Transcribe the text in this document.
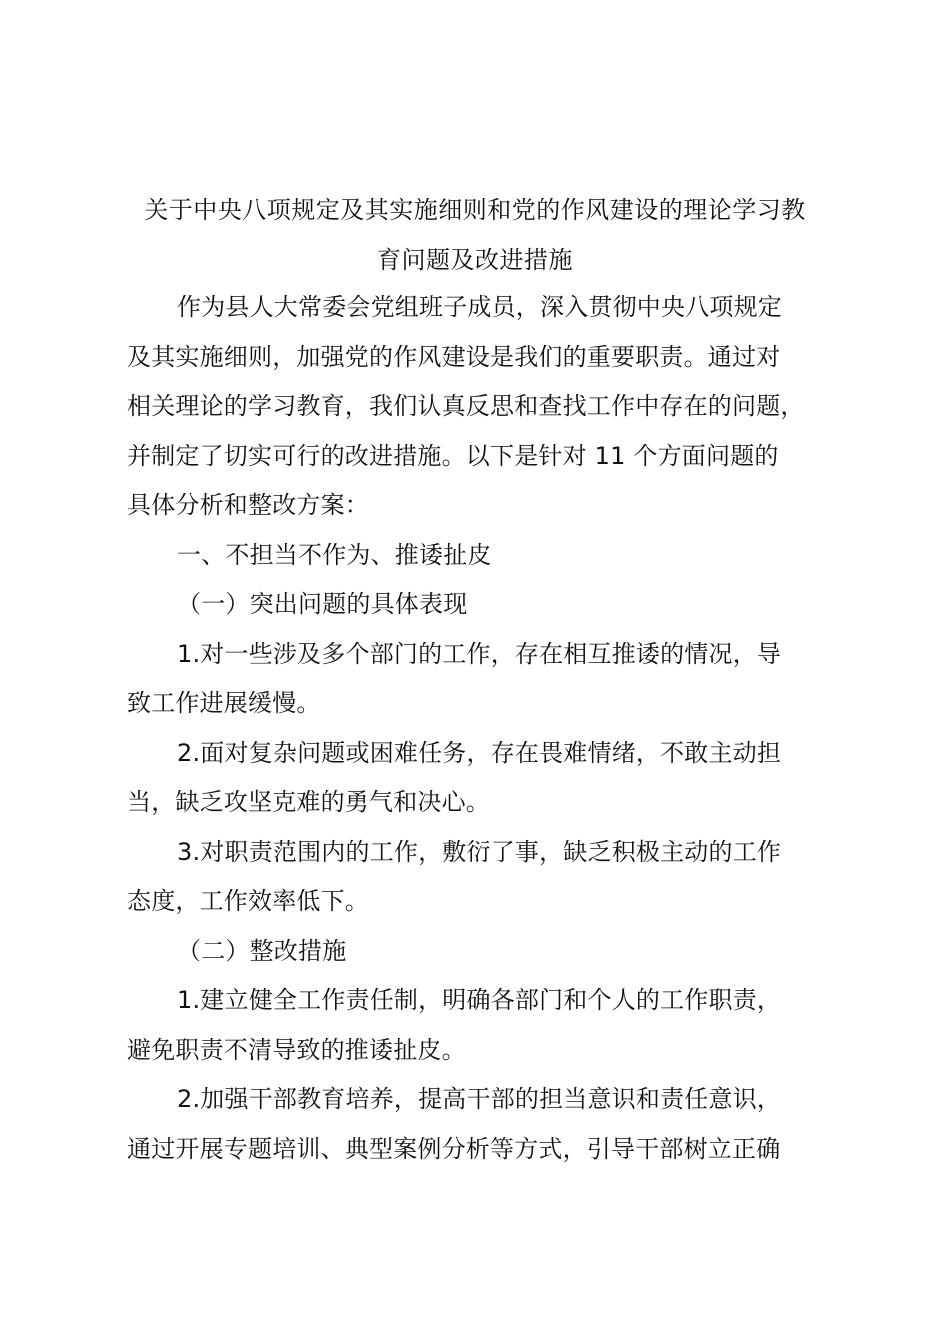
关于中央八项规定及其实施细则和党的作风建设的理论学习教
育问题及改进措施
作为县人大常委会党组班子成员，深入贯彻中央八项规定
及其实施细则，加强党的作风建设是我们的重要职责。通过对
相关理论的学习教育，我们认真反思和查找工作中存在的问题，
并制定了切实可行的改进措施。以下是针对 11 个方面问题的
具体分析和整改方案：
一、不担当不作为、推诿扯皮
（一）突出问题的具体表现
1.对一些涉及多个部门的工作，存在相互推诿的情况，导
致工作进展缓慢。
2.面对复杂问题或困难任务，存在畏难情绪，不敢主动担
当，缺乏攻坚克难的勇气和决心。
3.对职责范围内的工作，敷衍了事，缺乏积极主动的工作
态度，工作效率低下。
（二）整改措施
1.建立健全工作责任制，明确各部门和个人的工作职责，
避免职责不清导致的推诿扯皮。
2.加强干部教育培养，提高干部的担当意识和责任意识，
通过开展专题培训、典型案例分析等方式，引导干部树立正确
